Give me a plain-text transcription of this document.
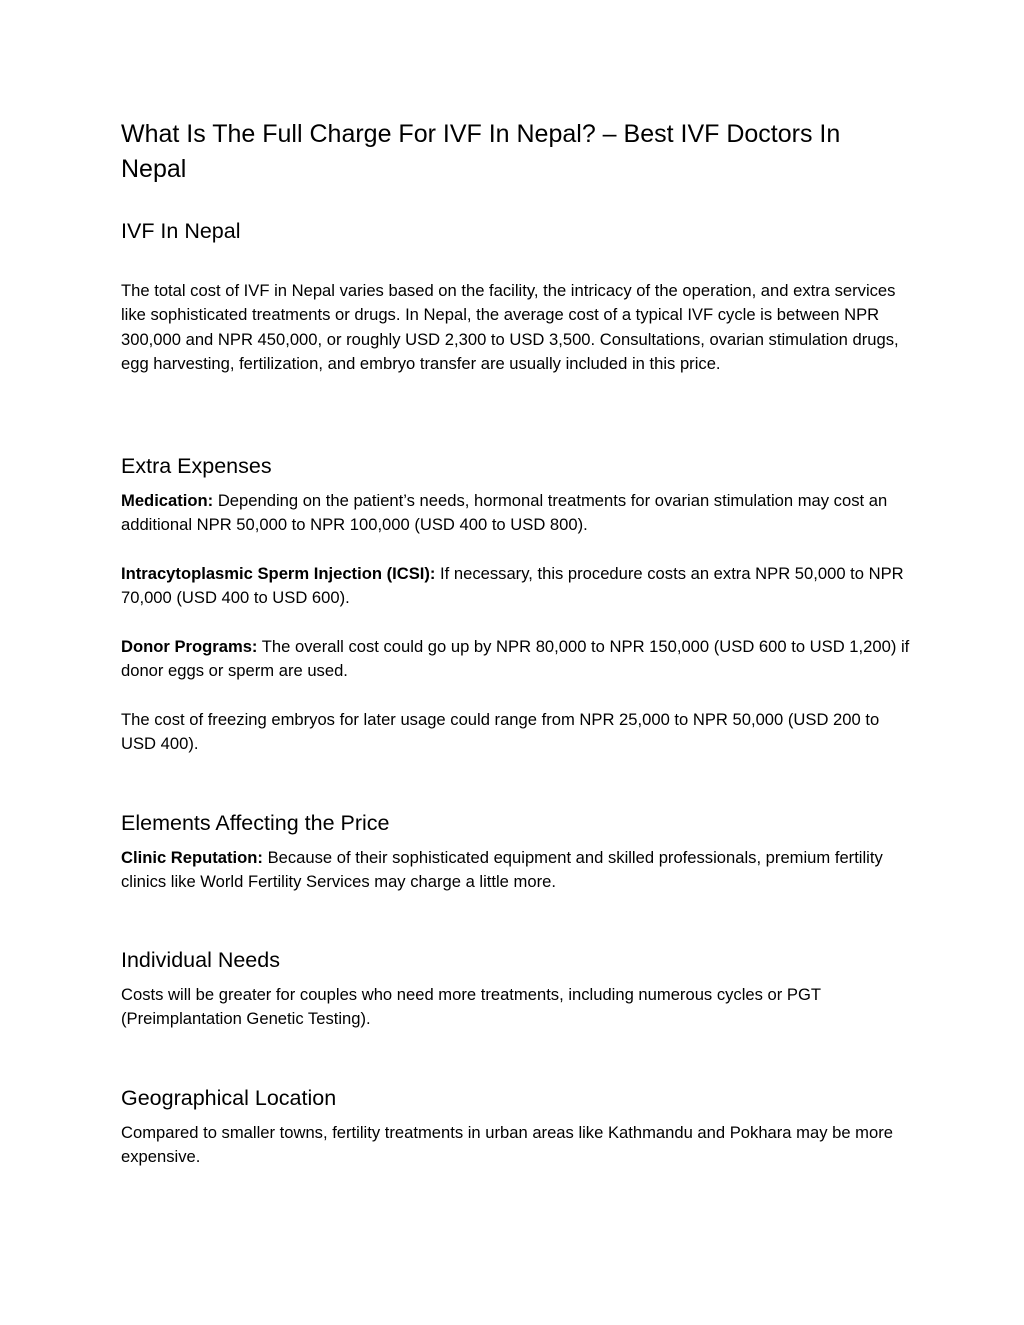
What Is The Full Charge For IVF In Nepal? – Best IVF Doctors In Nepal
IVF In Nepal

The total cost of IVF in Nepal varies based on the facility, the intricacy of the operation, and extra services like sophisticated treatments or drugs. In Nepal, the average cost of a typical IVF cycle is between NPR 300,000 and NPR 450,000, or roughly USD 2,300 to USD 3,500. Consultations, ovarian stimulation drugs, egg harvesting, fertilization, and embryo transfer are usually included in this price.

Extra Expenses

Medication: Depending on the patient’s needs, hormonal treatments for ovarian stimulation may cost an additional NPR 50,000 to NPR 100,000 (USD 400 to USD 800).

Intracytoplasmic Sperm Injection (ICSI): If necessary, this procedure costs an extra NPR 50,000 to NPR 70,000 (USD 400 to USD 600).

Donor Programs: The overall cost could go up by NPR 80,000 to NPR 150,000 (USD 600 to USD 1,200) if donor eggs or sperm are used.

The cost of freezing embryos for later usage could range from NPR 25,000 to NPR 50,000 (USD 200 to USD 400).

Elements Affecting the Price

Clinic Reputation: Because of their sophisticated equipment and skilled professionals, premium fertility clinics like World Fertility Services may charge a little more.

Individual Needs

Costs will be greater for couples who need more treatments, including numerous cycles or PGT (Preimplantation Genetic Testing).

Geographical Location

Compared to smaller towns, fertility treatments in urban areas like Kathmandu and Pokhara may be more expensive.
